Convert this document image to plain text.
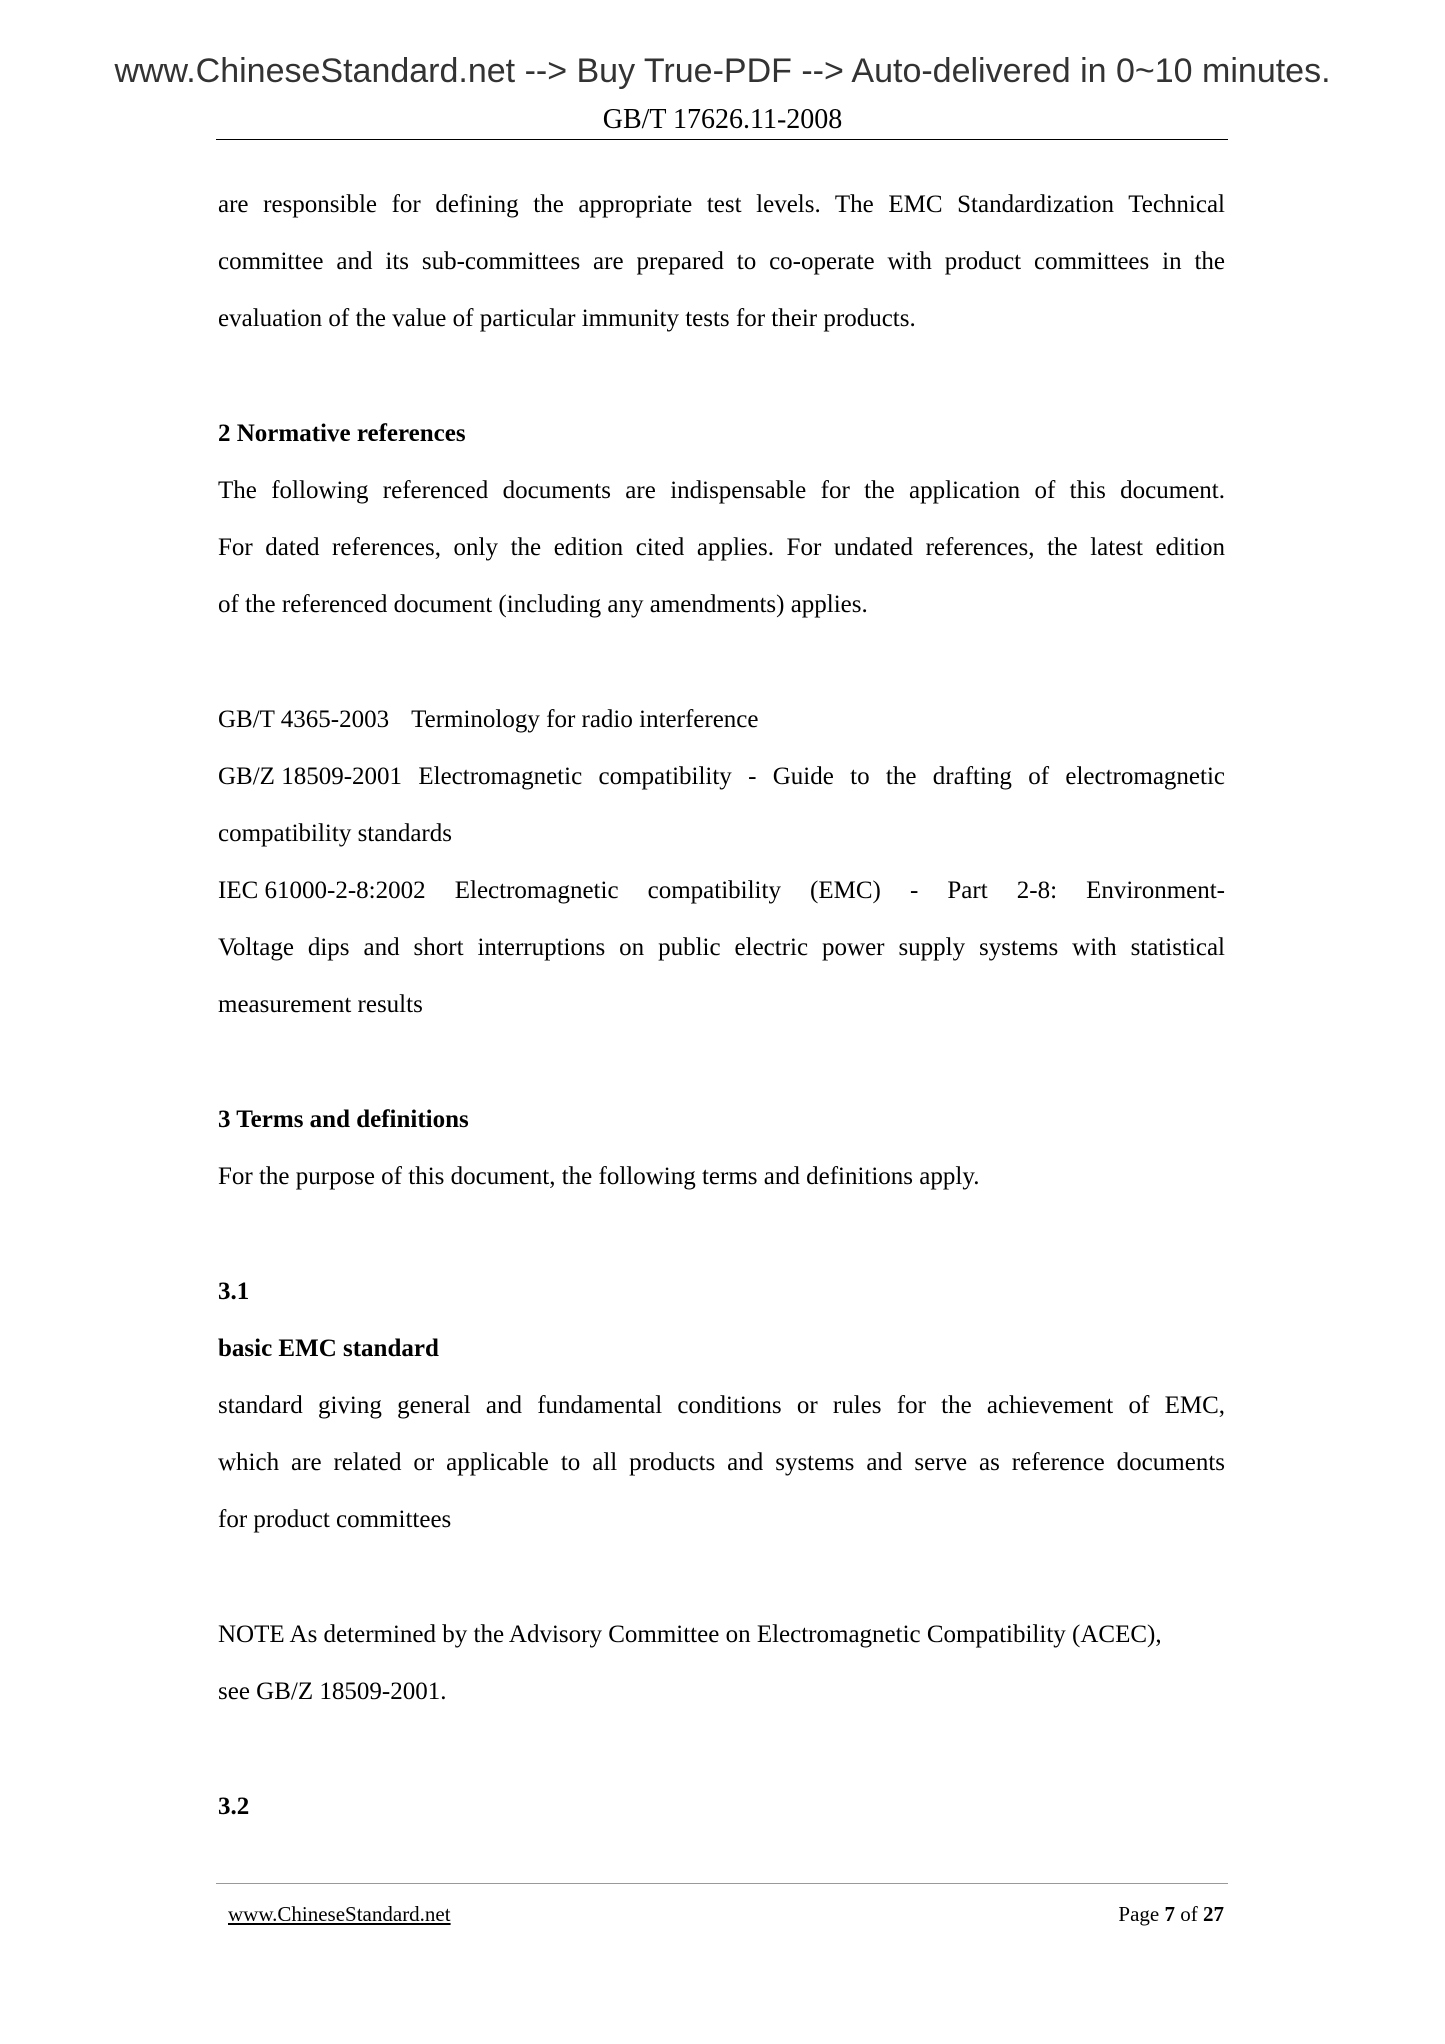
www.ChineseStandard.net --> Buy True-PDF --> Auto-delivered in 0~10 minutes.
GB/T 17626.11-2008
are responsible for defining the appropriate test levels. The EMC Standardization Technical
committee and its sub-committees are prepared to co-operate with product committees in the
evaluation of the value of particular immunity tests for their products.
2 Normative references
The following referenced documents are indispensable for the application of this document.
For dated references, only the edition cited applies. For undated references, the latest edition
of the referenced document (including any amendments) applies.
GB/T 4365-2003 Terminology for radio interference
GB/Z 18509-2001 Electromagnetic compatibility - Guide to the drafting of electromagnetic
compatibility standards
IEC 61000-2-8:2002 Electromagnetic compatibility (EMC) - Part 2-8: Environment-
Voltage dips and short interruptions on public electric power supply systems with statistical
measurement results
3 Terms and definitions
For the purpose of this document, the following terms and definitions apply.
3.1
basic EMC standard
standard giving general and fundamental conditions or rules for the achievement of EMC,
which are related or applicable to all products and systems and serve as reference documents
for product committees
NOTE As determined by the Advisory Committee on Electromagnetic Compatibility (ACEC),
see GB/Z 18509-2001.
3.2
www.ChineseStandard.net	Page 7 of 27
